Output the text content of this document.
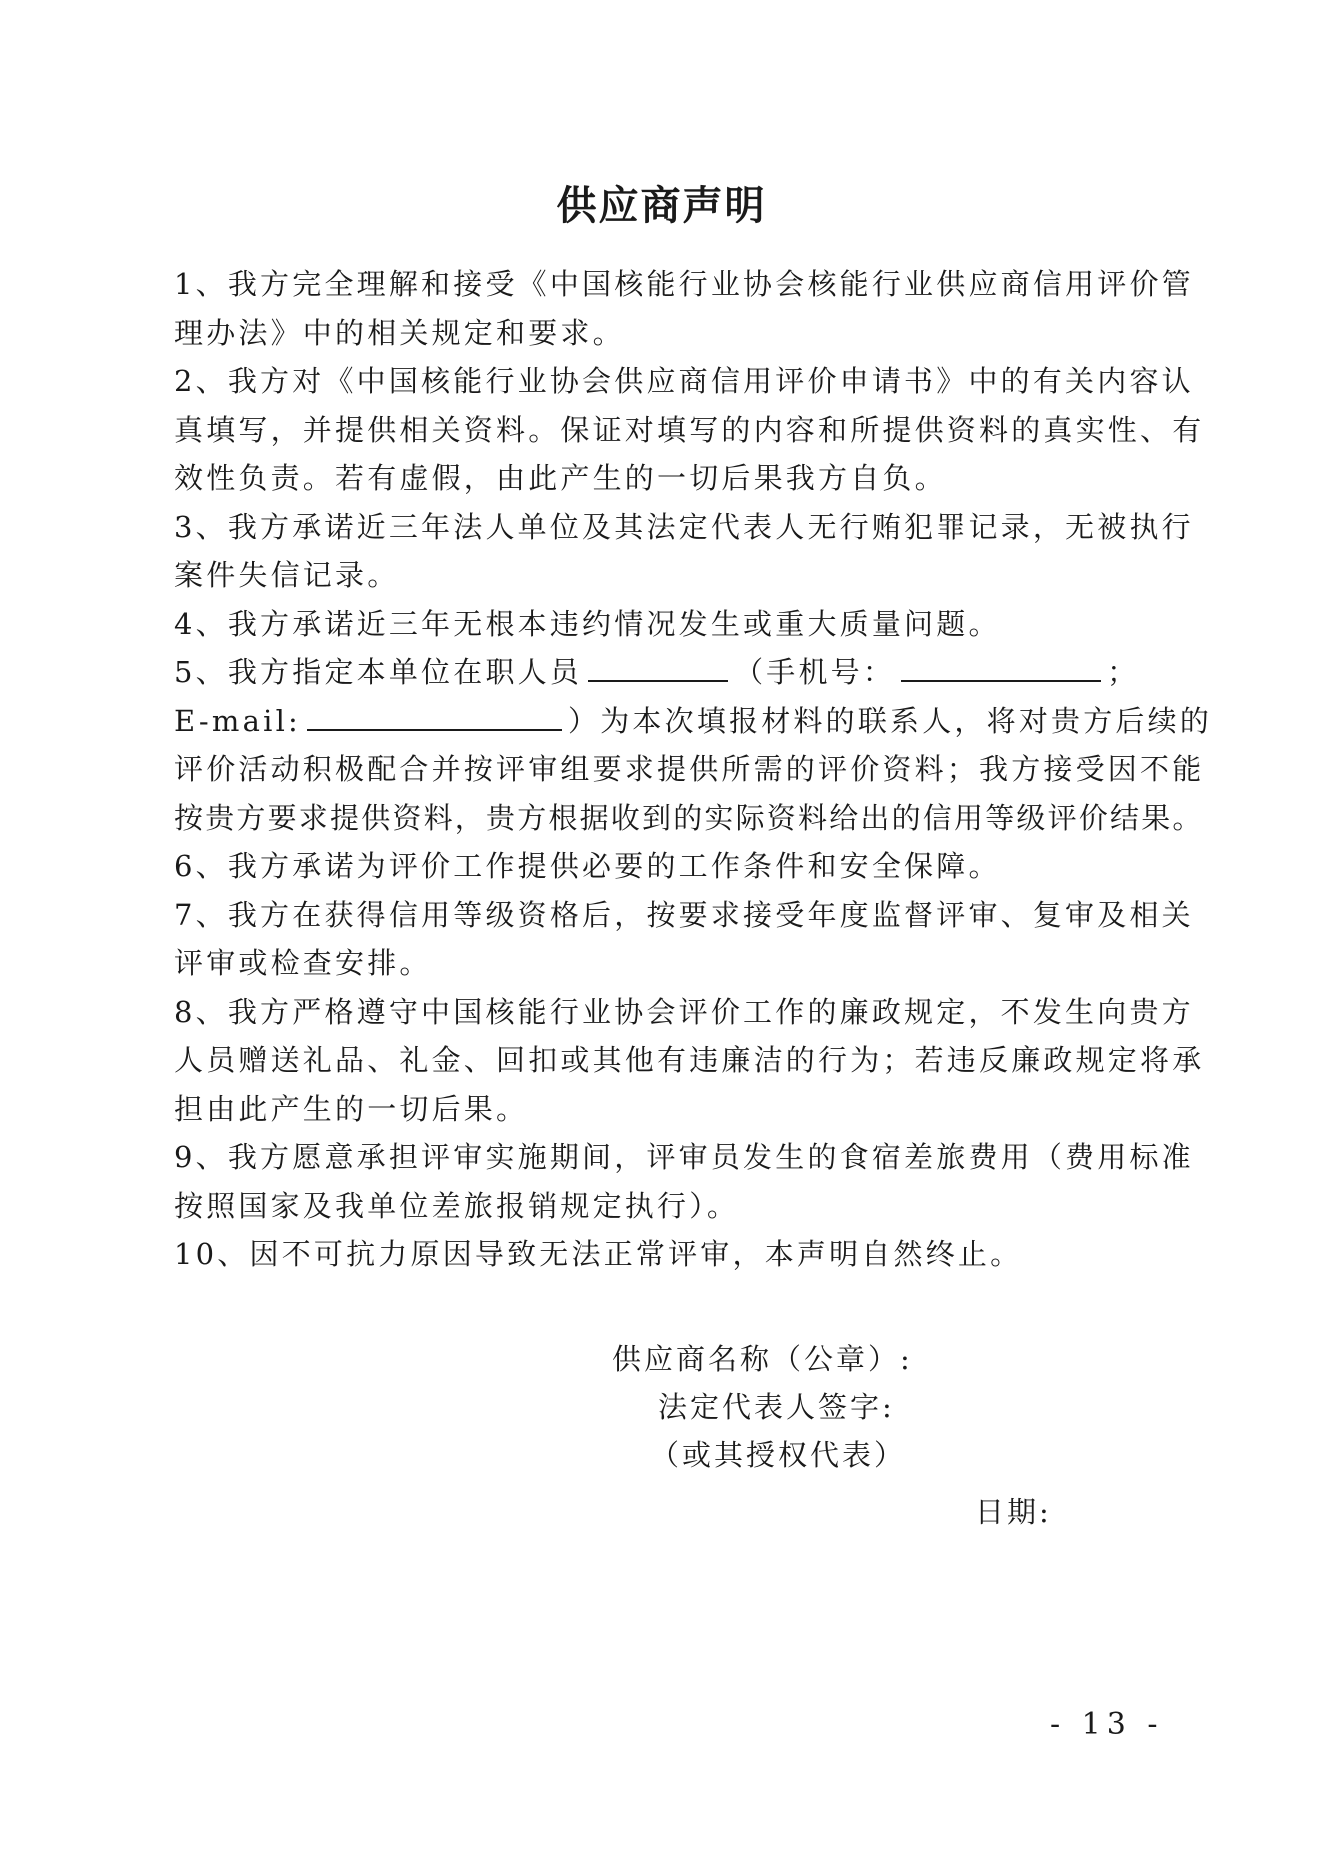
供应商声明
1、我方完全理解和接受《中国核能行业协会核能行业供应商信用评价管
理办法》中的相关规定和要求。
2、我方对《中国核能行业协会供应商信用评价申请书》中的有关内容认
真填写，并提供相关资料。保证对填写的内容和所提供资料的真实性、有
效性负责。若有虚假，由此产生的一切后果我方自负。
3、我方承诺近三年法人单位及其法定代表人无行贿犯罪记录，无被执行
案件失信记录。
4、我方承诺近三年无根本违约情况发生或重大质量问题。
5、我方指定本单位在职人员	（手机号：	；
E-mail:	）为本次填报材料的联系人，将对贵方后续的
评价活动积极配合并按评审组要求提供所需的评价资料；我方接受因不能
按贵方要求提供资料，贵方根据收到的实际资料给出的信用等级评价结果。
6、我方承诺为评价工作提供必要的工作条件和安全保障。
7、我方在获得信用等级资格后，按要求接受年度监督评审、复审及相关
评审或检查安排。
8、我方严格遵守中国核能行业协会评价工作的廉政规定，不发生向贵方
人员赠送礼品、礼金、回扣或其他有违廉洁的行为；若违反廉政规定将承
担由此产生的一切后果。
9、我方愿意承担评审实施期间，评审员发生的食宿差旅费用（费用标准
按照国家及我单位差旅报销规定执行）。
10、因不可抗力原因导致无法正常评审，本声明自然终止。
供应商名称（公章）:
法定代表人签字:
（或其授权代表）
日期:
- 13 -
